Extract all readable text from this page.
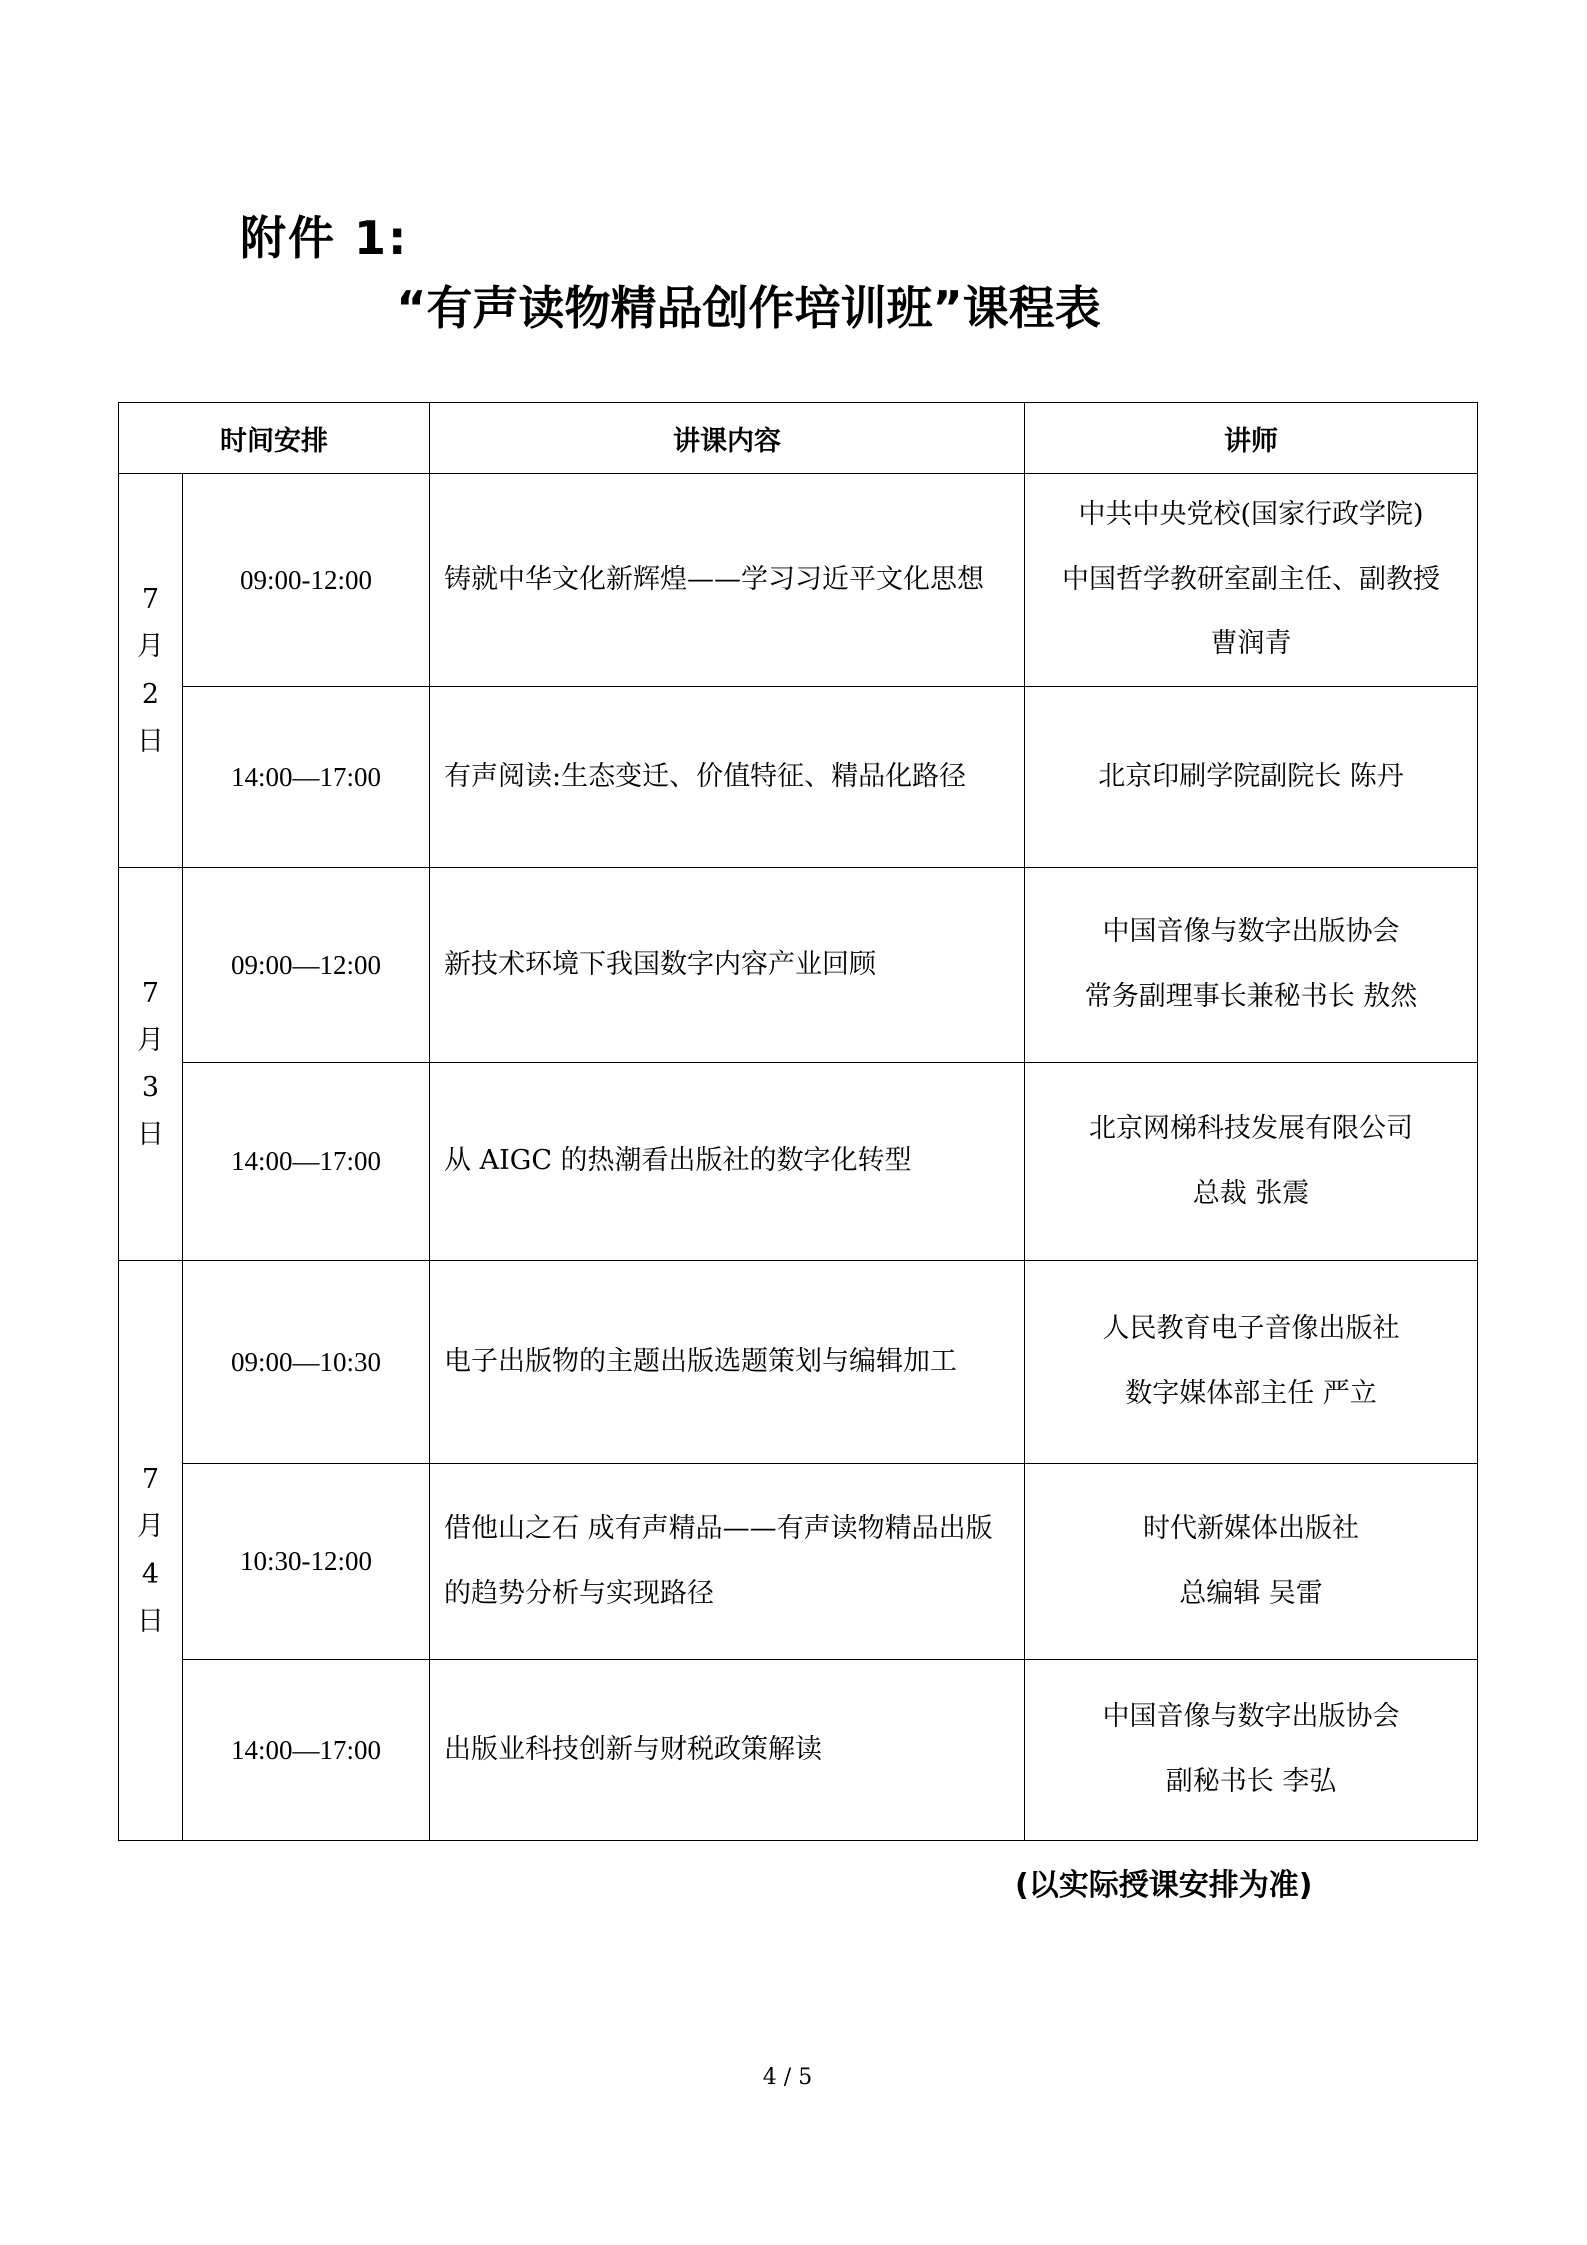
附件 1:
“有声读物精品创作培训班”课程表
时间安排		讲课内容	讲师

7
月
2
日	09:00-12:00	铸就中华文化新辉煌——学习习近平文化思想	中共中央党校(国家行政学院)
中国哲学教研室副主任、副教授
曹润青

	14:00—17:00	有声阅读:生态变迁、价值特征、精品化路径	北京印刷学院副院长 陈丹

7
月
3
日	09:00—12:00	新技术环境下我国数字内容产业回顾	中国音像与数字出版协会
常务副理事长兼秘书长 敖然

	14:00—17:00	从 AIGC 的热潮看出版社的数字化转型	北京网梯科技发展有限公司
总裁 张震

7
月
4
日	09:00—10:30	电子出版物的主题出版选题策划与编辑加工	人民教育电子音像出版社
数字媒体部主任 严立

	10:30-12:00	借他山之石 成有声精品——有声读物精品出版的趋势分析与实现路径	时代新媒体出版社
总编辑 吴雷

	14:00—17:00	出版业科技创新与财税政策解读	中国音像与数字出版协会
副秘书长 李弘
(以实际授课安排为准)
4 / 5
